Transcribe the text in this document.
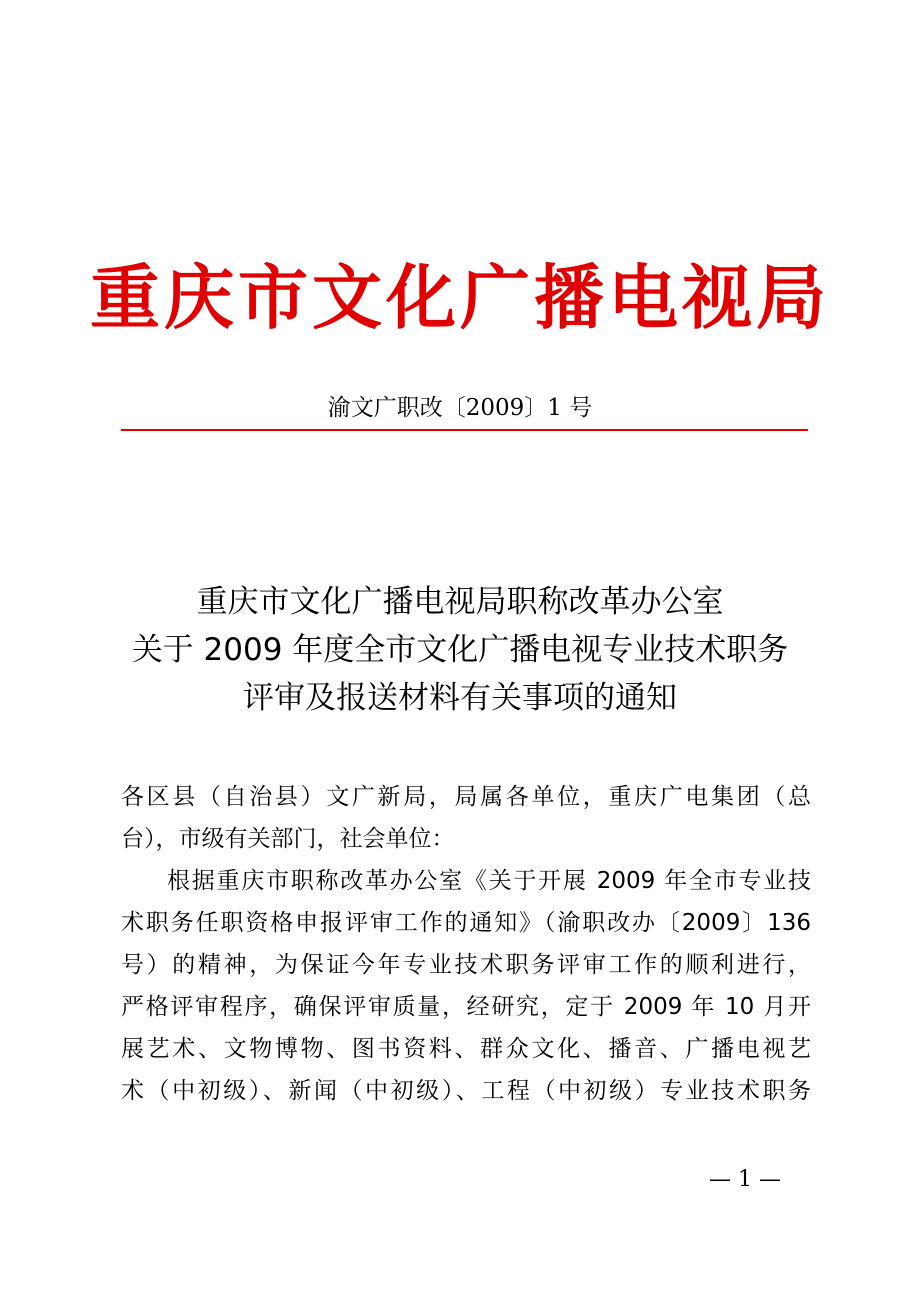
重庆市文化广播电视局
渝文广职改〔2009〕1 号
重庆市文化广播电视局职称改革办公室
关于 2009 年度全市文化广播电视专业技术职务
评审及报送材料有关事项的通知
各区县（自治县）文广新局，局属各单位，重庆广电集团（总
台），市级有关部门，社会单位：
根据重庆市职称改革办公室《关于开展 2009 年全市专业技
术职务任职资格申报评审工作的通知》（渝职改办〔2009〕136
号）的精神，为保证今年专业技术职务评审工作的顺利进行，
严格评审程序，确保评审质量，经研究，定于 2009 年 10 月开
展艺术、文物博物、图书资料、群众文化、播音、广播电视艺
术（中初级）、新闻（中初级）、工程（中初级）专业技术职务
— 1 —
